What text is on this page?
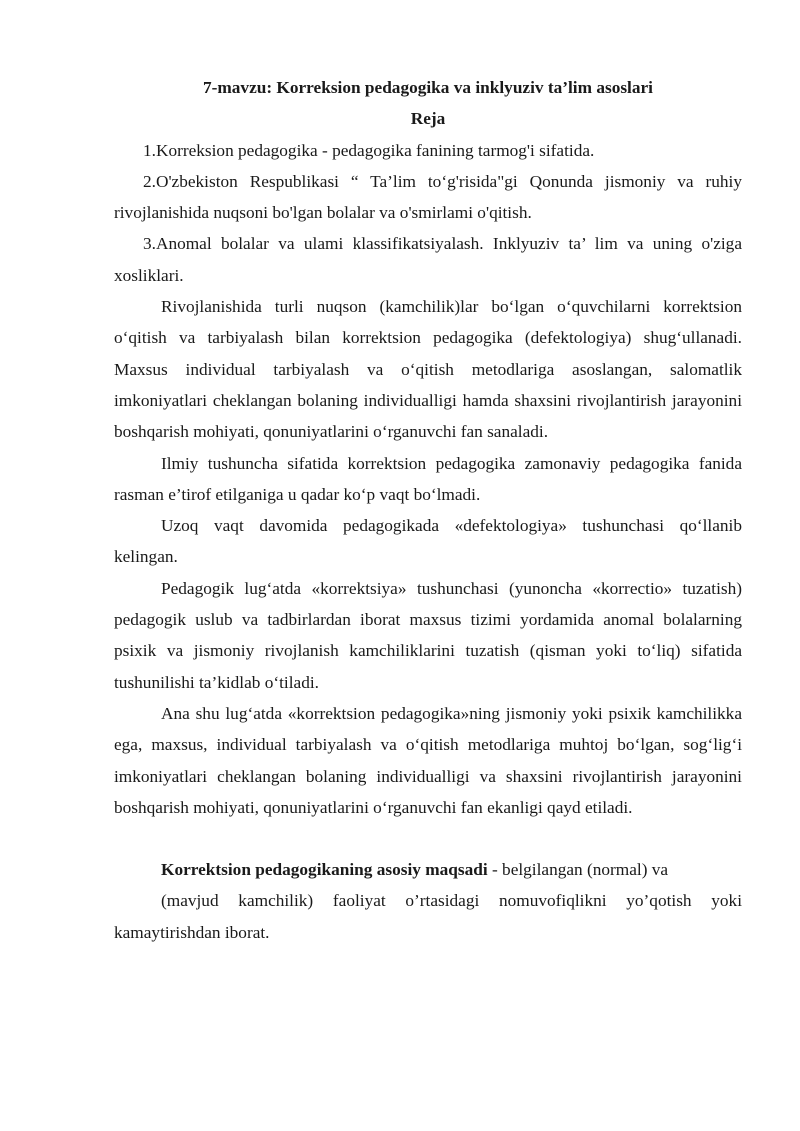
7-mavzu: Korreksion pedagogika va inklyuziv ta’lim asoslari

Reja

1.Korreksion pedagogika - pedagogika fanining tarmog'i sifatida.

2.O'zbekiston Respublikasi “ Ta’lim to‘g'risida"gi Qonunda jismoniy va ruhiy rivojlanishida nuqsoni bo'lgan bolalar va o'smirlami o'qitish.

3.Anomal bolalar va ulami klassifikatsiyalash. Inklyuziv ta’ lim va uning o'ziga xosliklari.

Rivojlanishida turli nuqson (kamchilik)lar bo‘lgan o‘quvchilarni korrektsion o‘qitish va tarbiyalash bilan korrektsion pedagogika (defektologiya) shug‘ullanadi. Maxsus individual tarbiyalash va o‘qitish metodlariga asoslangan, salomatlik imkoniyatlari cheklangan bolaning individualligi hamda shaxsini rivojlantirish jarayonini boshqarish mohiyati, qonuniyatlarini o‘rganuvchi fan sanaladi.

Ilmiy tushuncha sifatida korrektsion pedagogika zamonaviy pedagogika fanida rasman e’tirof etilganiga u qadar ko‘p vaqt bo‘lmadi.

Uzoq vaqt davomida pedagogikada «defektologiya» tushunchasi qo‘llanib kelingan.

Pedagogik lug‘atda «korrektsiya» tushunchasi (yunoncha «korrectio» tuzatish) pedagogik uslub va tadbirlardan iborat maxsus tizimi yordamida anomal bolalarning psixik va jismoniy rivojlanish kamchiliklarini tuzatish (qisman yoki to‘liq) sifatida tushunilishi ta’kidlab o‘tiladi.

Ana shu lug‘atda «korrektsion pedagogika»ning jismoniy yoki psixik kamchilikka ega, maxsus, individual tarbiyalash va o‘qitish metodlariga muhtoj bo‘lgan, sog‘lig‘i imkoniyatlari cheklangan bolaning individualligi va shaxsini rivojlantirish jarayonini boshqarish mohiyati, qonuniyatlarini o‘rganuvchi fan ekanligi qayd etiladi.

Korrektsion pedagogikaning asosiy maqsadi - belgilangan (normal) va

(mavjud kamchilik) faoliyat o’rtasidagi nomuvofiqlikni yo’qotish yoki kamaytirishdan iborat.
